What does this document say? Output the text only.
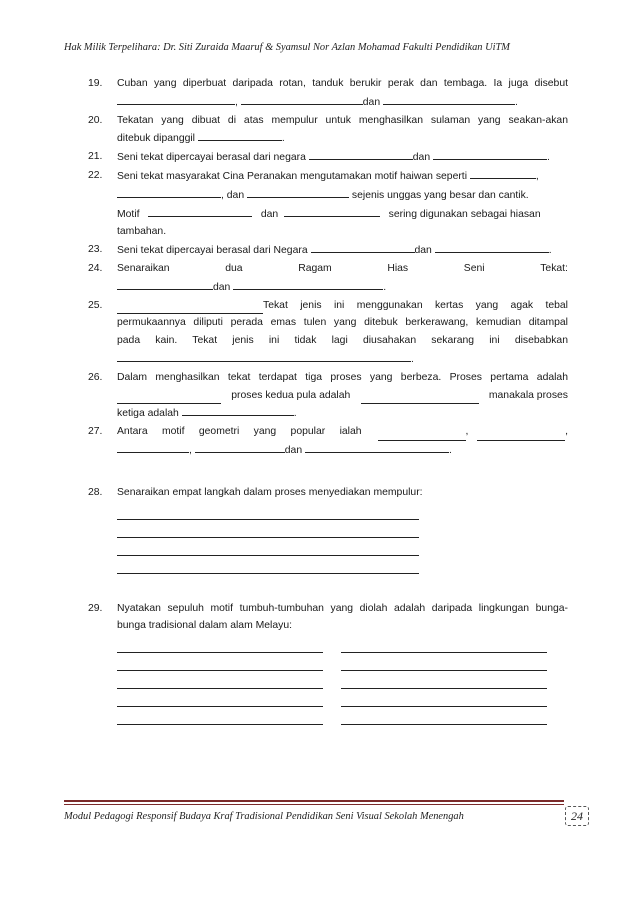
Hak Milik Terpelihara: Dr. Siti Zuraida Maaruf & Syamsul Nor Azlan Mohamad Fakulti Pendidikan UiTM
19. Cuban yang diperbuat daripada rotan, tanduk berukir perak dan tembaga. Ia juga disebut
,	dan	.
20. Tekatan yang dibuat di atas mempulur untuk menghasilkan sulaman yang seakan-akan
ditebuk dipanggil	.
21. Seni tekat dipercayai berasal dari negara	dan	.
22. Seni tekat masyarakat Cina Peranakan mengutamakan motif haiwan seperti	,
, dan	sejenis unggas yang besar dan cantik.
Motif	dan	sering digunakan sebagai hiasan
tambahan.
23. Seni tekat dipercayai berasal dari Negara	dan	.
24. Senaraikan	dua	Ragam	Hias	Seni	Tekat:
dan	.
25.	Tekat jenis ini menggunakan kertas yang agak tebal
permukaannya diliputi perada emas tulen yang ditebuk berkerawang, kemudian ditampal
pada kain. Tekat jenis ini tidak lagi diusahakan sekarang ini disebabkan
.
26. Dalam menghasilkan tekat terdapat tiga proses yang berbeza. Proses pertama adalah
proses kedua pula adalah	manakala proses
ketiga adalah	.
27. Antara motif geometri yang popular ialah	,
	,
,	dan	.
28. Senaraikan empat langkah dalam proses menyediakan mempulur:
29. Nyatakan sepuluh motif tumbuh-tumbuhan yang diolah adalah daripada lingkungan bunga-
bunga tradisional dalam alam Melayu:
Modul Pedagogi Responsif Budaya Kraf Tradisional Pendidikan Seni Visual Sekolah Menengah	24
